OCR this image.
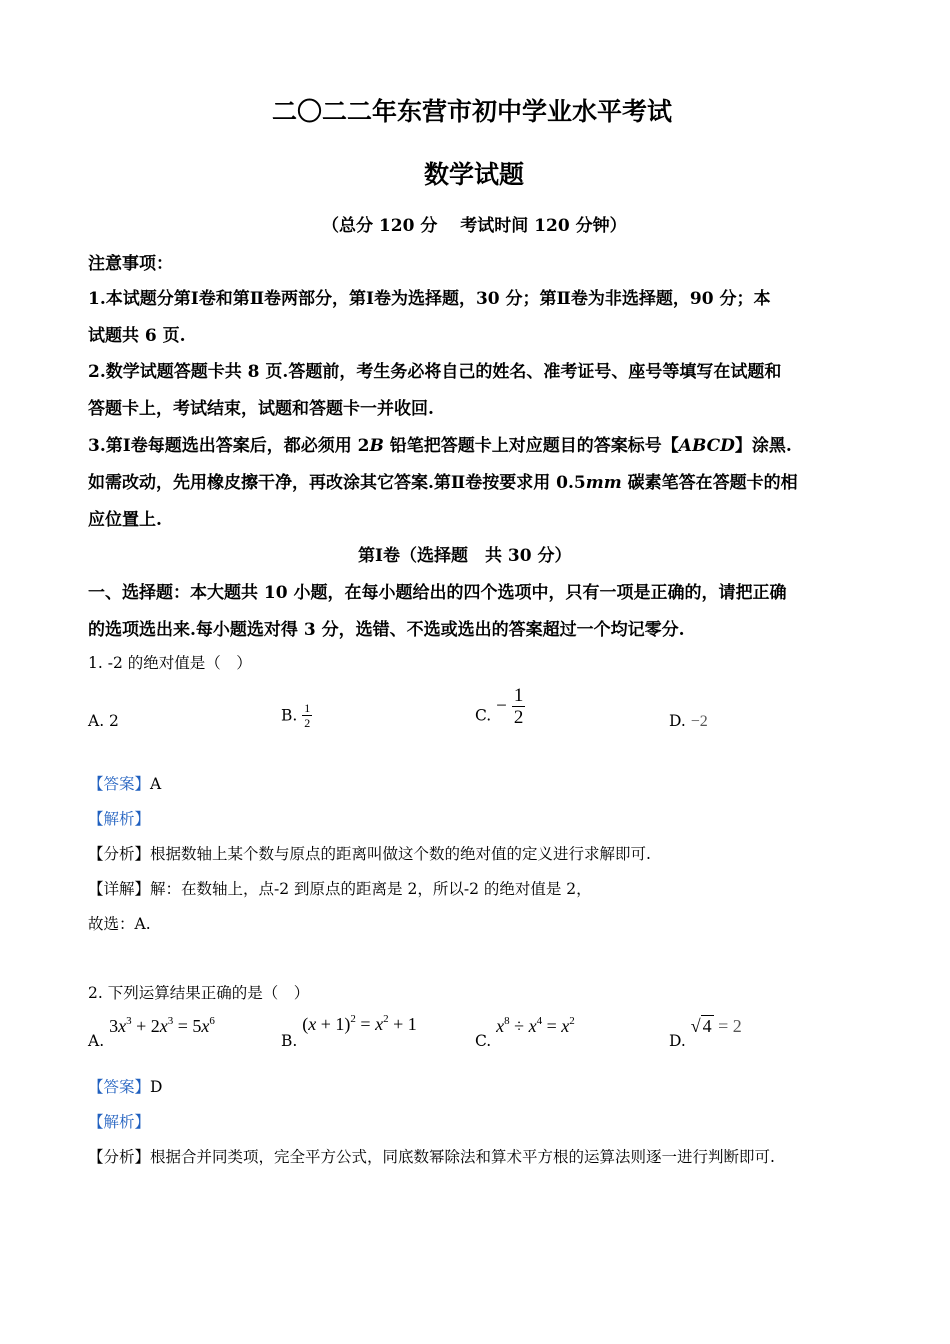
二〇二二年东营市初中学业水平考试
数学试题
（总分 120 分　 考试时间 120 分钟）
注意事项：
1.本试题分第Ⅰ卷和第Ⅱ卷两部分，第Ⅰ卷为选择题，30 分；第Ⅱ卷为非选择题，90 分；本
试题共 6 页.
2.数学试题答题卡共 8 页.答题前，考生务必将自己的姓名、准考证号、座号等填写在试题和
答题卡上，考试结束，试题和答题卡一并收回.
3.第Ⅰ卷每题选出答案后，都必须用 2B 铅笔把答题卡上对应题目的答案标号【ABCD】涂黑.
如需改动，先用橡皮擦干净，再改涂其它答案.第Ⅱ卷按要求用 0.5mm 碳素笔答在答题卡的相
应位置上.
第Ⅰ卷（选择题　共 30 分）
一、选择题：本大题共 10 小题，在每小题给出的四个选项中，只有一项是正确的，请把正确
的选项选出来.每小题选对得 3 分，选错、不选或选出的答案超过一个均记零分.
1. -2 的绝对值是（　）
A. 2	B. $\frac{1}{2}$	C. − $\frac{1}{2}$	D. −2
【答案】A
【解析】
【分析】根据数轴上某个数与原点的距离叫做这个数的绝对值的定义进行求解即可.
【详解】解：在数轴上，点-2 到原点的距离是 2，所以-2 的绝对值是 2，
故选：A.
2. 下列运算结果正确的是（　）
A. $3x^3 + 2x^3 = 5x^6$
B. $(x + 1)^2 = x^2 + 1$
C. $x^8 \div x^4 = x^2$
D. √ 4 = 2
【答案】D
【解析】
【分析】根据合并同类项，完全平方公式，同底数幂除法和算术平方根的运算法则逐一进行判断即可.
